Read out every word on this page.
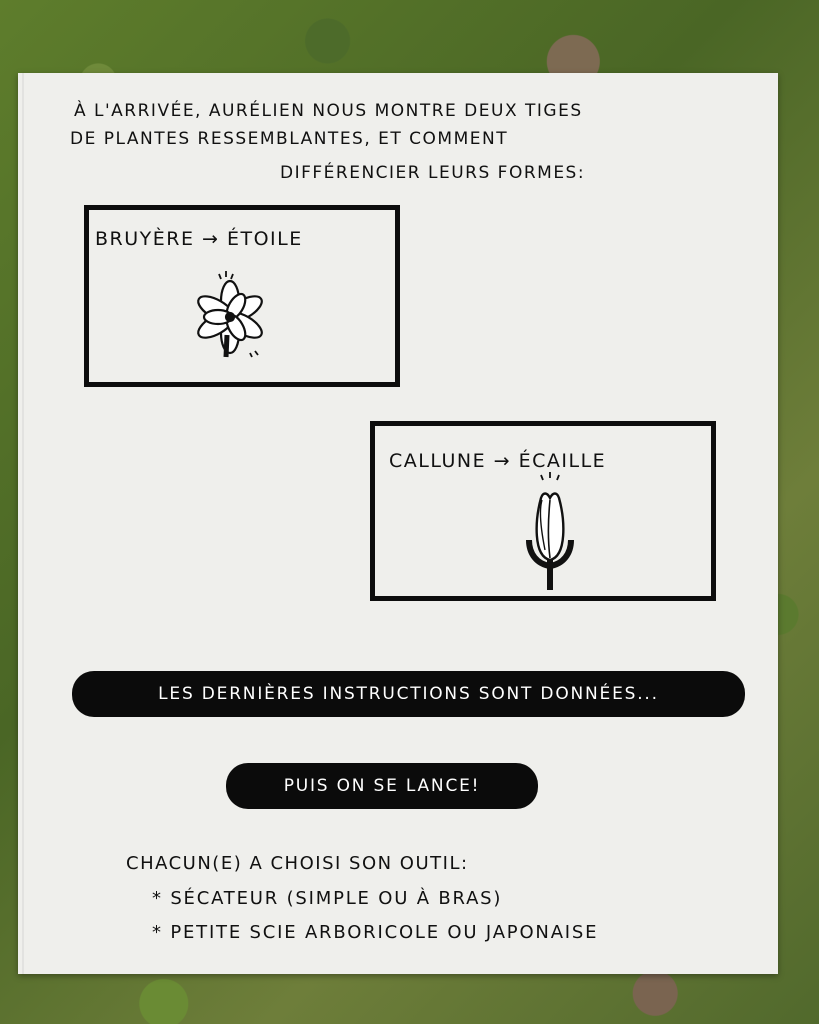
À L'ARRIVÉE, AURÉLIEN NOUS MONTRE DEUX TIGES
DE PLANTES RESSEMBLANTES, ET COMMENT
DIFFÉRENCIER LEURS FORMES:
BRUYÈRE → ÉTOILE
CALLUNE → ÉCAILLE
LES DERNIÈRES INSTRUCTIONS SONT DONNÉES...
PUIS ON SE LANCE!
CHACUN(E) A CHOISI SON OUTIL:
* SÉCATEUR (SIMPLE OU À BRAS)
* PETITE SCIE ARBORICOLE OU JAPONAISE
